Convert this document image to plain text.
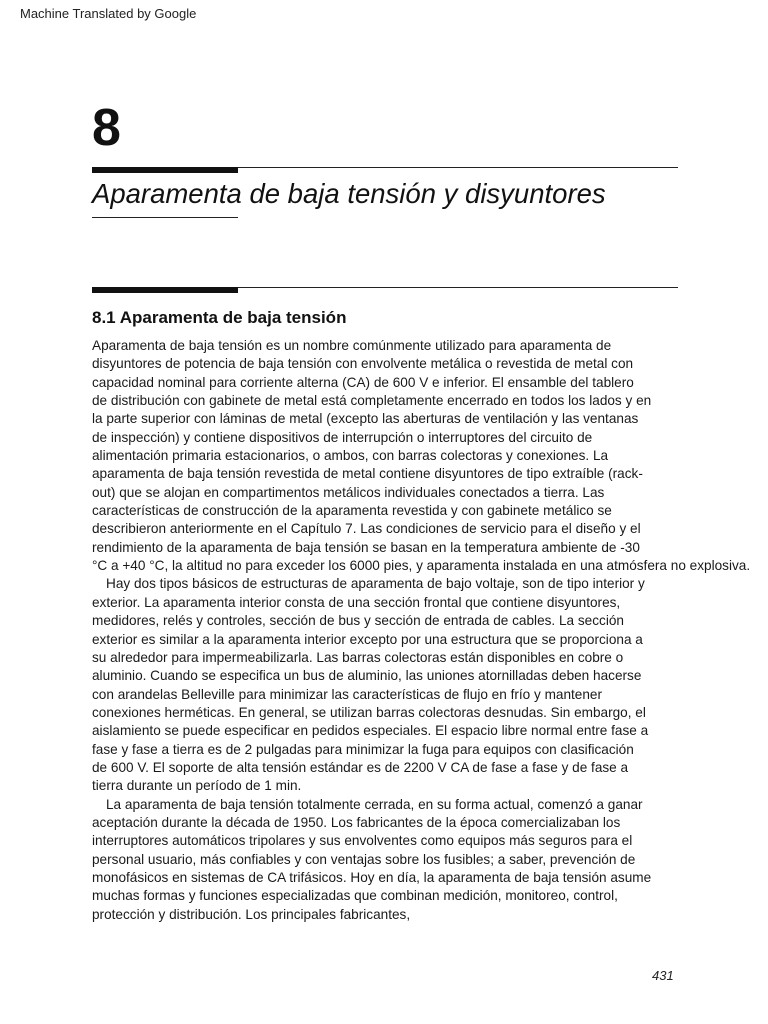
Machine Translated by Google
8
Aparamenta de baja tensión y disyuntores
8.1 Aparamenta de baja tensión
Aparamenta de baja tensión es un nombre comúnmente utilizado para aparamenta de
disyuntores de potencia de baja tensión con envolvente metálica o revestida de metal con
capacidad nominal para corriente alterna (CA) de 600 V e inferior. El ensamble del tablero
de distribución con gabinete de metal está completamente encerrado en todos los lados y en
la parte superior con láminas de metal (excepto las aberturas de ventilación y las ventanas
de inspección) y contiene dispositivos de interrupción o interruptores del circuito de
alimentación primaria estacionarios, o ambos, con barras colectoras y conexiones. La
aparamenta de baja tensión revestida de metal contiene disyuntores de tipo extraíble (rack-
out) que se alojan en compartimentos metálicos individuales conectados a tierra. Las
características de construcción de la aparamenta revestida y con gabinete metálico se
describieron anteriormente en el Capítulo 7. Las condiciones de servicio para el diseño y el
rendimiento de la aparamenta de baja tensión se basan en la temperatura ambiente de -30
°C a +40 °C, la altitud no para exceder los 6000 pies, y aparamenta instalada en una atmósfera no explosiva.
Hay dos tipos básicos de estructuras de aparamenta de bajo voltaje, son de tipo interior y
exterior. La aparamenta interior consta de una sección frontal que contiene disyuntores,
medidores, relés y controles, sección de bus y sección de entrada de cables. La sección
exterior es similar a la aparamenta interior excepto por una estructura que se proporciona a
su alrededor para impermeabilizarla. Las barras colectoras están disponibles en cobre o
aluminio. Cuando se especifica un bus de aluminio, las uniones atornilladas deben hacerse
con arandelas Belleville para minimizar las características de flujo en frío y mantener
conexiones herméticas. En general, se utilizan barras colectoras desnudas. Sin embargo, el
aislamiento se puede especificar en pedidos especiales. El espacio libre normal entre fase a
fase y fase a tierra es de 2 pulgadas para minimizar la fuga para equipos con clasificación
de 600 V. El soporte de alta tensión estándar es de 2200 V CA de fase a fase y de fase a
tierra durante un período de 1 min.
La aparamenta de baja tensión totalmente cerrada, en su forma actual, comenzó a ganar
aceptación durante la década de 1950. Los fabricantes de la época comercializaban los
interruptores automáticos tripolares y sus envolventes como equipos más seguros para el
personal usuario, más confiables y con ventajas sobre los fusibles; a saber, prevención de
monofásicos en sistemas de CA trifásicos. Hoy en día, la aparamenta de baja tensión asume
muchas formas y funciones especializadas que combinan medición, monitoreo, control,
protección y distribución. Los principales fabricantes,
431
